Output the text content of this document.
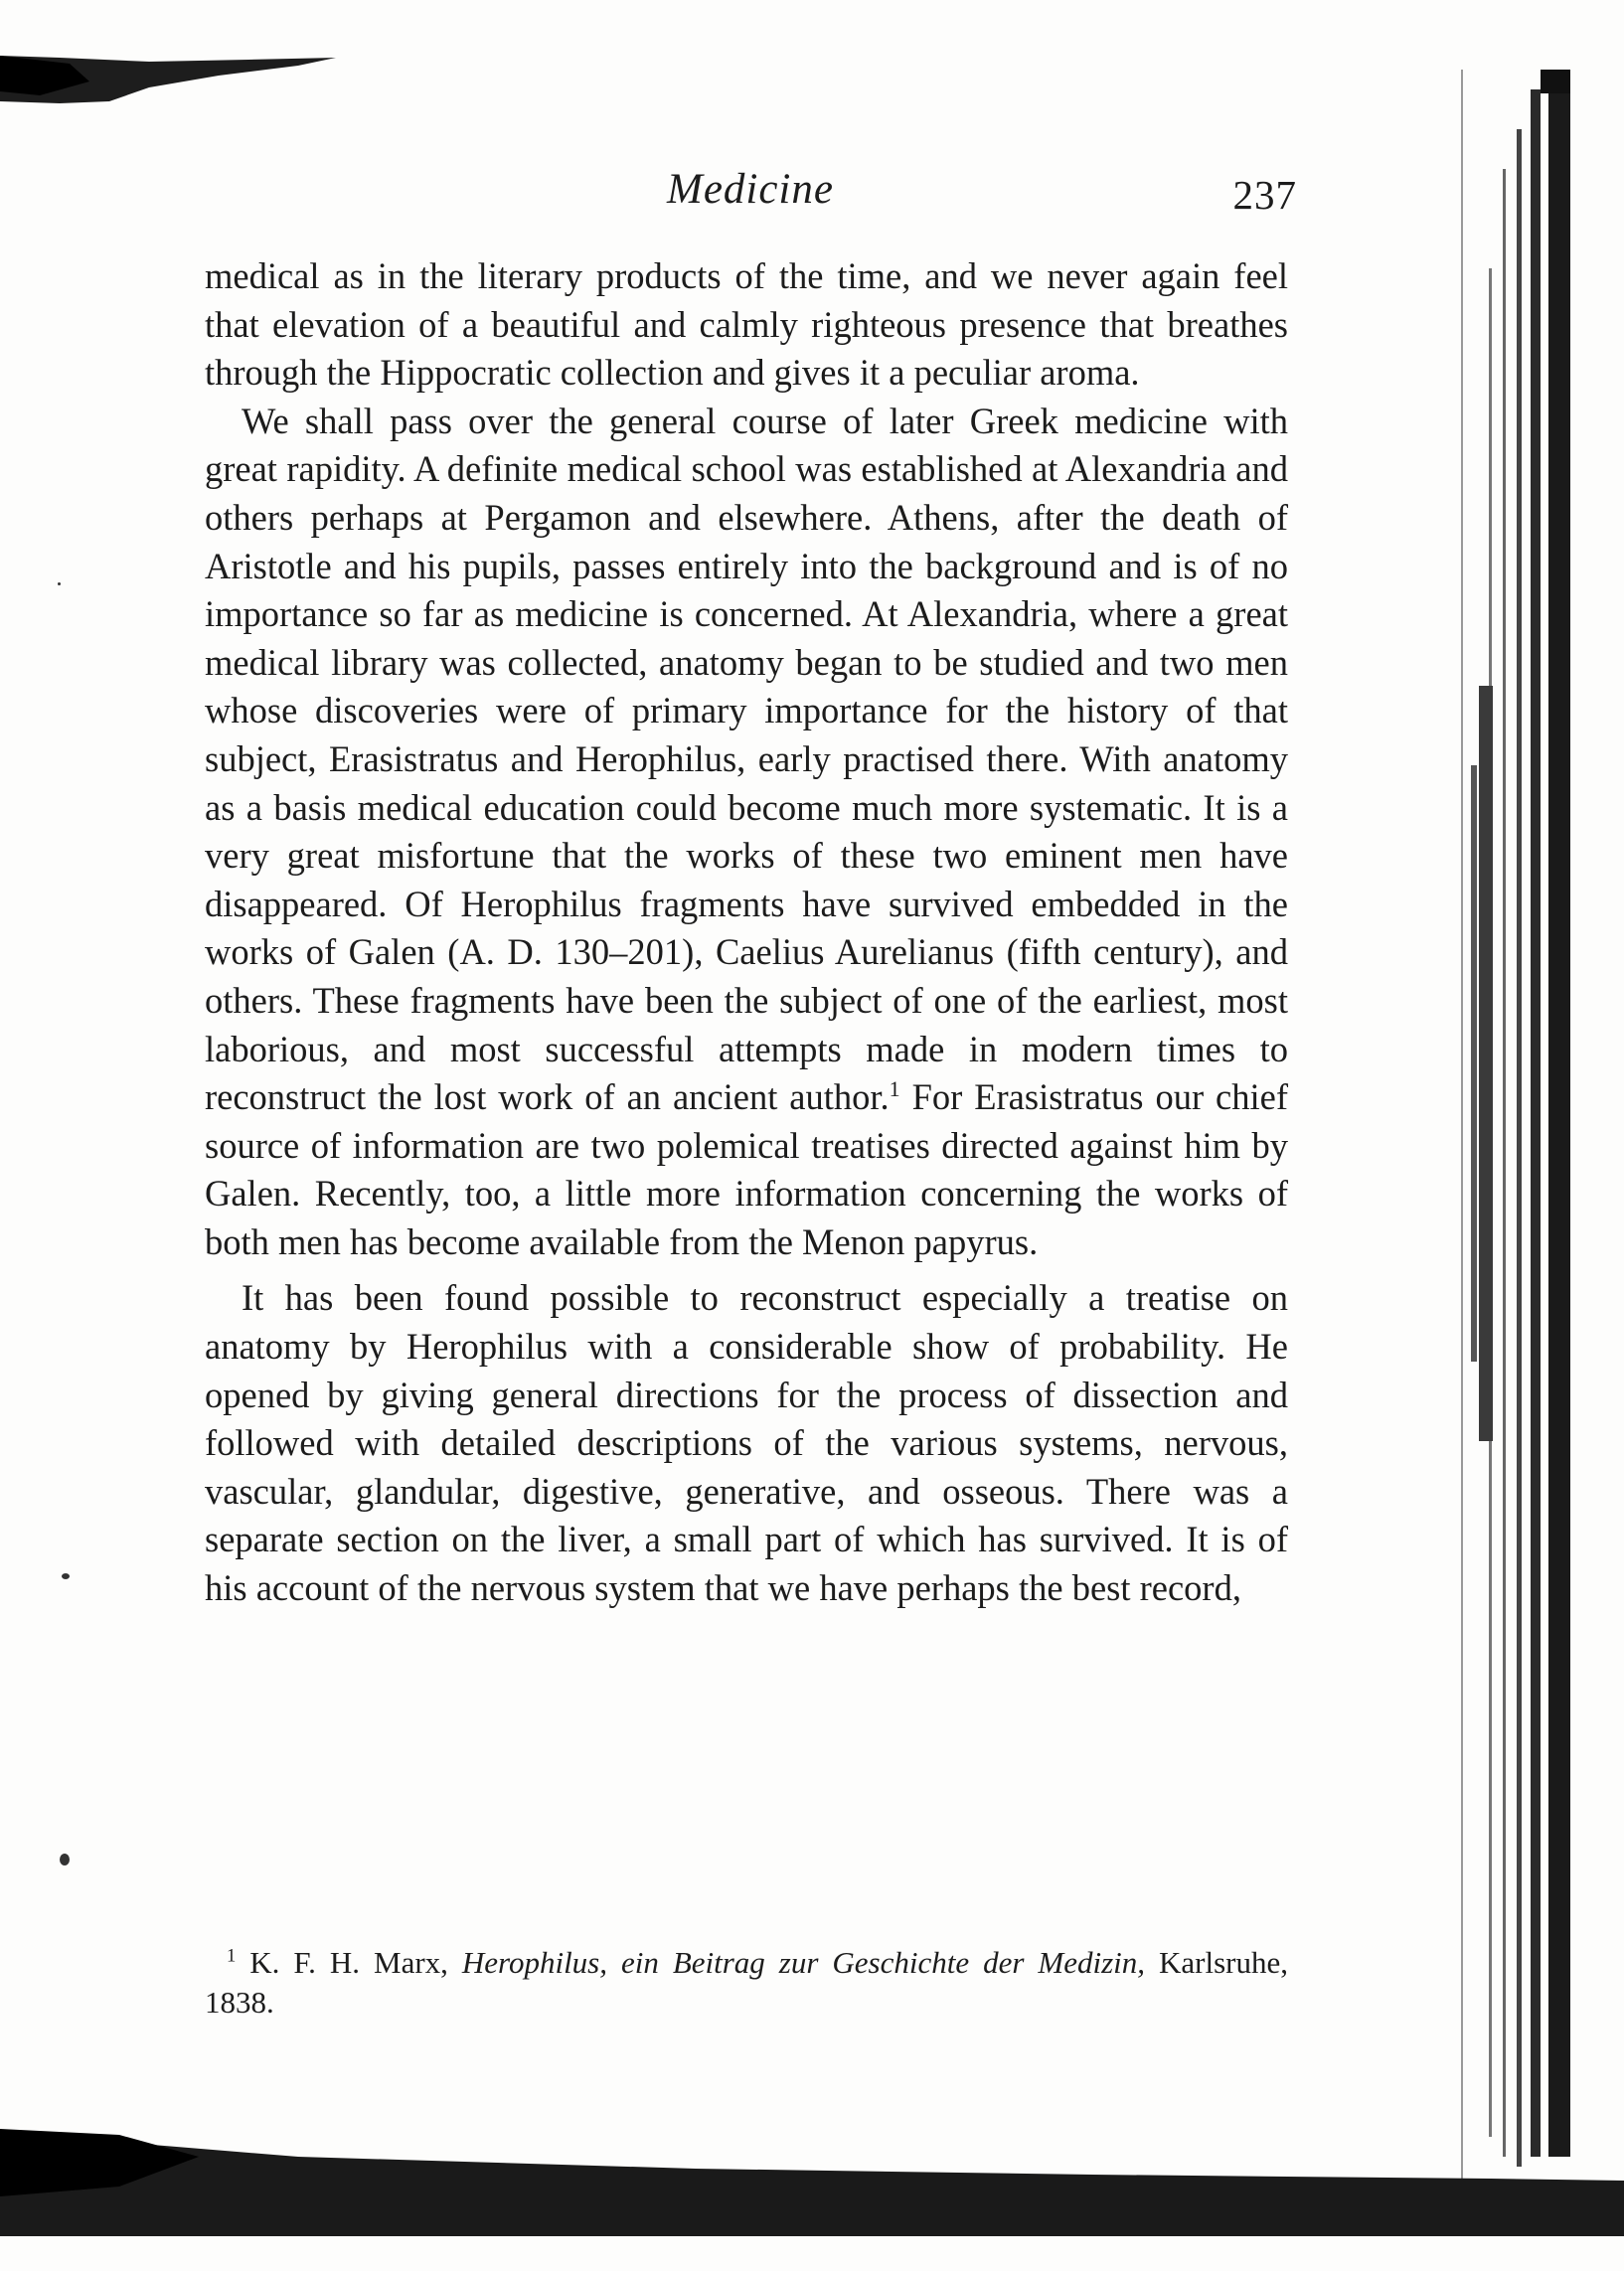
Medicine	237

medical as in the literary products of the time, and we never again feel that elevation of a beautiful and calmly righteous presence that breathes through the Hippocratic collection and gives it a peculiar aroma.

We shall pass over the general course of later Greek medicine with great rapidity. A definite medical school was established at Alexandria and others perhaps at Pergamon and elsewhere. Athens, after the death of Aristotle and his pupils, passes entirely into the background and is of no importance so far as medicine is concerned. At Alexandria, where a great medical library was collected, anatomy began to be studied and two men whose discoveries were of primary importance for the history of that subject, Erasistratus and Herophilus, early practised there. With anatomy as a basis medical education could become much more systematic. It is a very great misfortune that the works of these two eminent men have disappeared. Of Herophilus fragments have survived embedded in the works of Galen (A. D. 130–201), Caelius Aurelianus (fifth century), and others. These fragments have been the subject of one of the earliest, most laborious, and most successful attempts made in modern times to reconstruct the lost work of an ancient author.$^1$ For Erasistratus our chief source of information are two polemical treatises directed against him by Galen. Recently, too, a little more information concerning the works of both men has become available from the Menon papyrus.

It has been found possible to reconstruct especially a treatise on anatomy by Herophilus with a considerable show of probability. He opened by giving general directions for the process of dissection and followed with detailed descriptions of the various systems, nervous, vascular, glandular, digestive, generative, and osseous. There was a separate section on the liver, a small part of which has survived. It is of his account of the nervous system that we have perhaps the best record,

$^1$ K. F. H. Marx, Herophilus, ein Beitrag zur Geschichte der Medizin, Karlsruhe, 1838.
